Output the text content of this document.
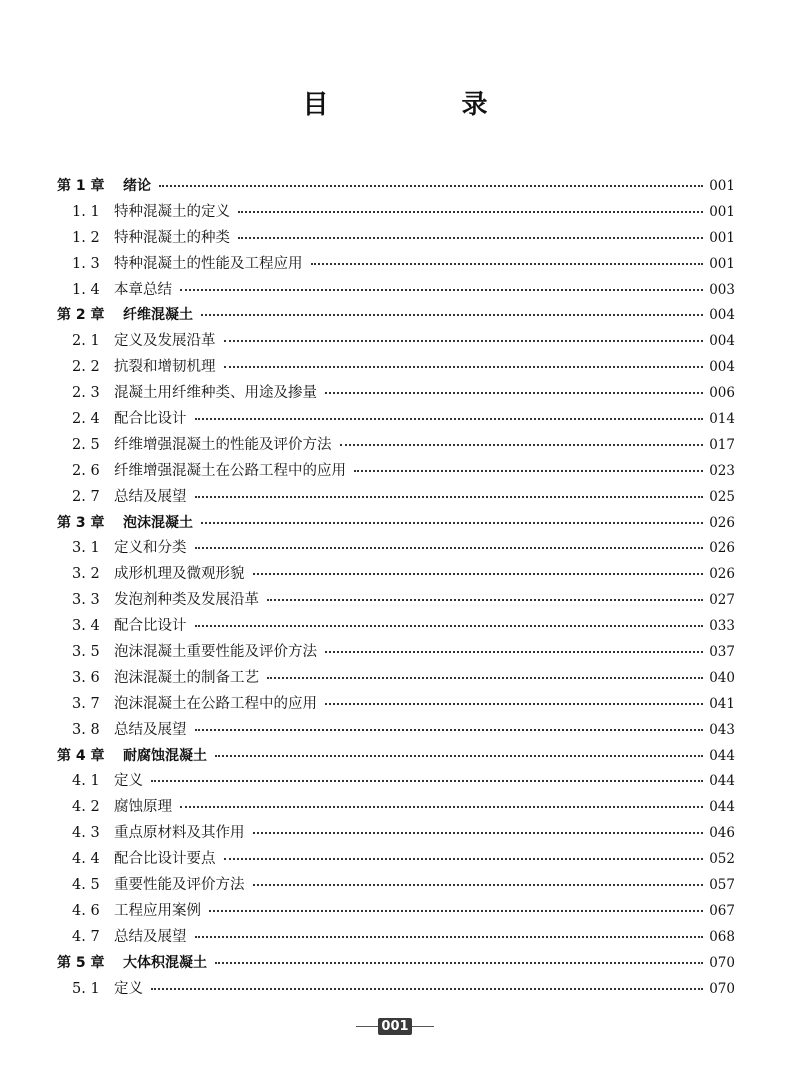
目 录
第 1 章	绪论	001
1. 1 特种混凝土的定义	001
1. 2 特种混凝土的种类	001
1. 3 特种混凝土的性能及工程应用	001
1. 4 本章总结	003
第 2 章	纤维混凝土	004
2. 1 定义及发展沿革	004
2. 2 抗裂和增韧机理	004
2. 3 混凝土用纤维种类、用途及掺量	006
2. 4 配合比设计	014
2. 5 纤维增强混凝土的性能及评价方法	017
2. 6 纤维增强混凝土在公路工程中的应用	023
2. 7 总结及展望	025
第 3 章	泡沫混凝土	026
3. 1 定义和分类	026
3. 2 成形机理及微观形貌	026
3. 3 发泡剂种类及发展沿革	027
3. 4 配合比设计	033
3. 5 泡沫混凝土重要性能及评价方法	037
3. 6 泡沫混凝土的制备工艺	040
3. 7 泡沫混凝土在公路工程中的应用	041
3. 8 总结及展望	043
第 4 章	耐腐蚀混凝土	044
4. 1 定义	044
4. 2 腐蚀原理	044
4. 3 重点原材料及其作用	046
4. 4 配合比设计要点	052
4. 5 重要性能及评价方法	057
4. 6 工程应用案例	067
4. 7 总结及展望	068
第 5 章	大体积混凝土	070
5. 1 定义	070
001
